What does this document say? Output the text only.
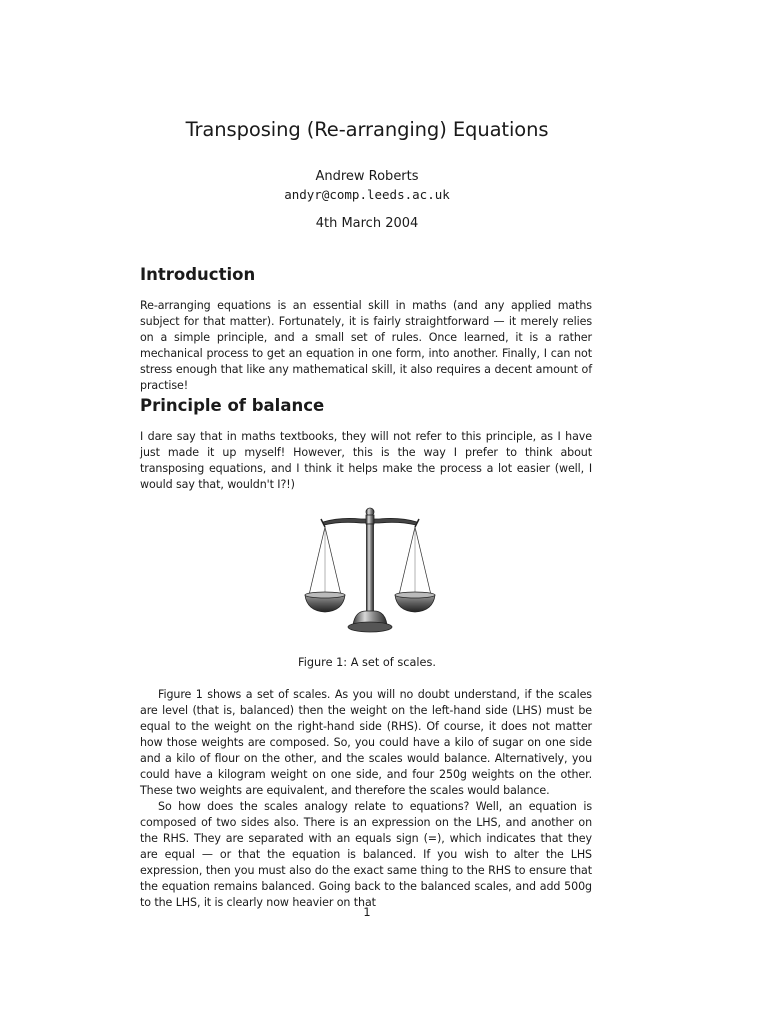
Transposing (Re-arranging) Equations
Andrew Roberts
andyr@comp.leeds.ac.uk
4th March 2004
Introduction

Re-arranging equations is an essential skill in maths (and any applied maths subject for that matter). Fortunately, it is fairly straightforward — it merely relies on a simple principle, and a small set of rules. Once learned, it is a rather mechanical process to get an equation in one form, into another. Finally, I can not stress enough that like any mathematical skill, it also requires a decent amount of practise!

Principle of balance

I dare say that in maths textbooks, they will not refer to this principle, as I have just made it up myself! However, this is the way I prefer to think about transposing equations, and I think it helps make the process a lot easier (well, I would say that, wouldn't I?!)

Figure 1: A set of scales.

Figure 1 shows a set of scales. As you will no doubt understand, if the scales are level (that is, balanced) then the weight on the left-hand side (LHS) must be equal to the weight on the right-hand side (RHS). Of course, it does not matter how those weights are composed. So, you could have a kilo of sugar on one side and a kilo of flour on the other, and the scales would balance. Alternatively, you could have a kilogram weight on one side, and four 250g weights on the other. These two weights are equivalent, and therefore the scales would balance.

So how does the scales analogy relate to equations? Well, an equation is composed of two sides also. There is an expression on the LHS, and another on the RHS. They are separated with an equals sign (=), which indicates that they are equal — or that the equation is balanced. If you wish to alter the LHS expression, then you must also do the exact same thing to the RHS to ensure that the equation remains balanced. Going back to the balanced scales, and add 500g to the LHS, it is clearly now heavier on that

1
